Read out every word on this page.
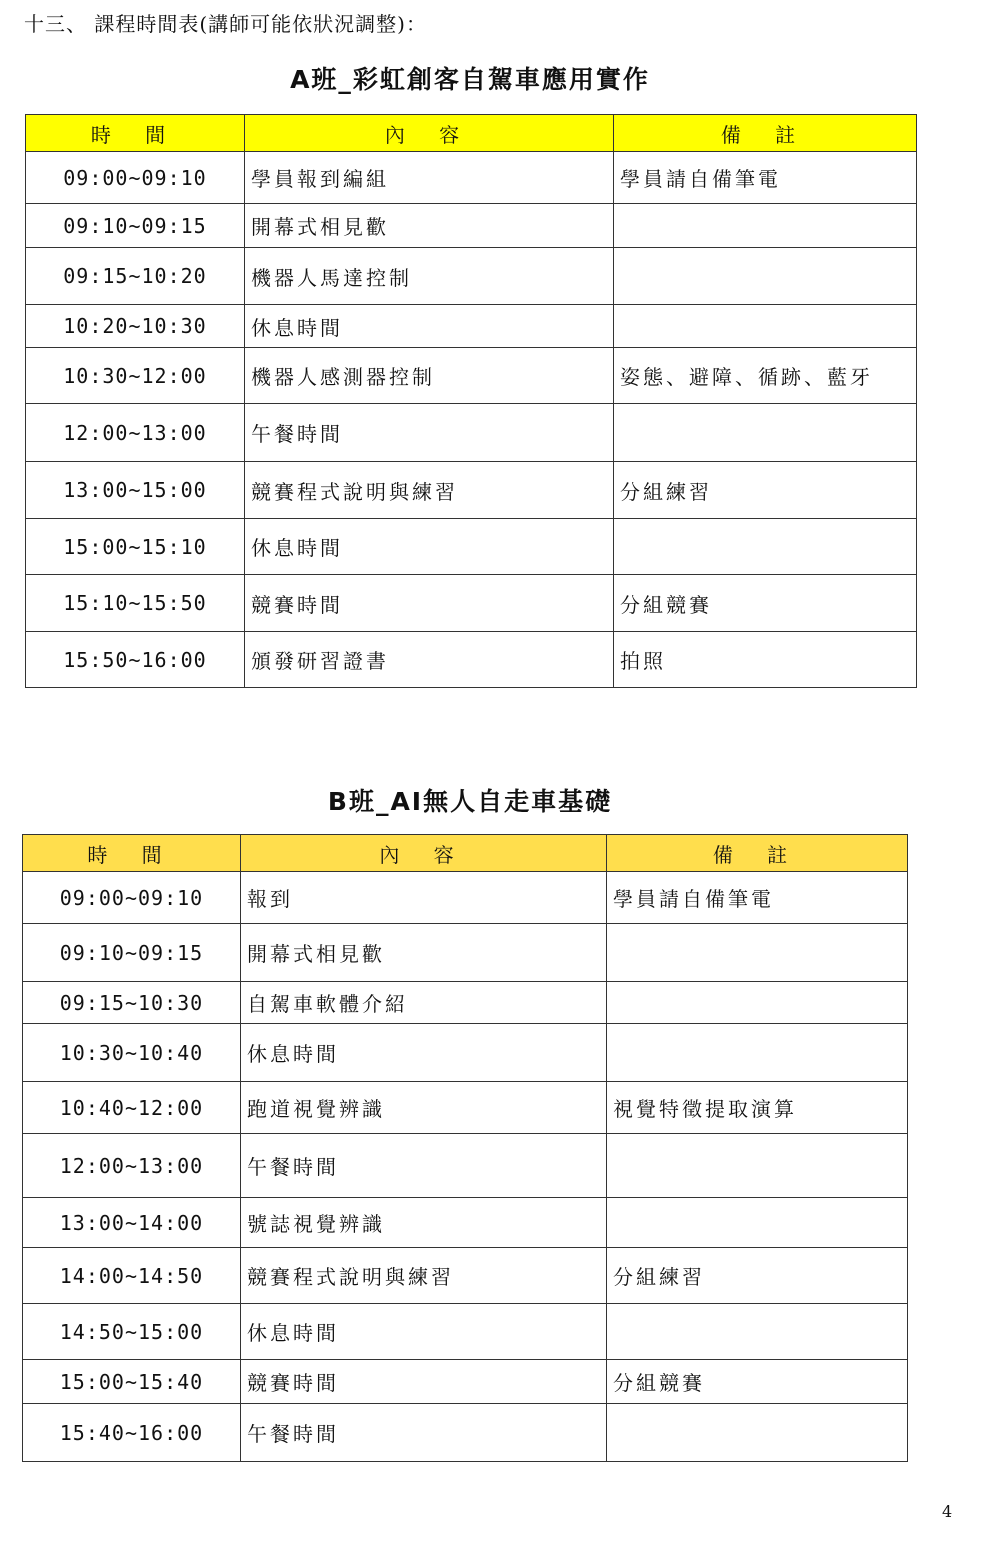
十三、 課程時間表(講師可能依狀況調整)：
A班_彩虹創客自駕車應用實作
時 間	內 容	備 註
09:00~09:10	學員報到編組	學員請自備筆電
09:10~09:15	開幕式相見歡	
09:15~10:20	機器人馬達控制	
10:20~10:30	休息時間	
10:30~12:00	機器人感測器控制	姿態、避障、循跡、藍牙
12:00~13:00	午餐時間	
13:00~15:00	競賽程式說明與練習	分組練習
15:00~15:10	休息時間	
15:10~15:50	競賽時間	分組競賽
15:50~16:00	頒發研習證書	拍照
B班_AI無人自走車基礎
時 間	內 容	備 註
09:00~09:10	報到	學員請自備筆電
09:10~09:15	開幕式相見歡	
09:15~10:30	自駕車軟體介紹	
10:30~10:40	休息時間	
10:40~12:00	跑道視覺辨識	視覺特徵提取演算
12:00~13:00	午餐時間	
13:00~14:00	號誌視覺辨識	
14:00~14:50	競賽程式說明與練習	分組練習
14:50~15:00	休息時間	
15:00~15:40	競賽時間	分組競賽
15:40~16:00	午餐時間	
4
